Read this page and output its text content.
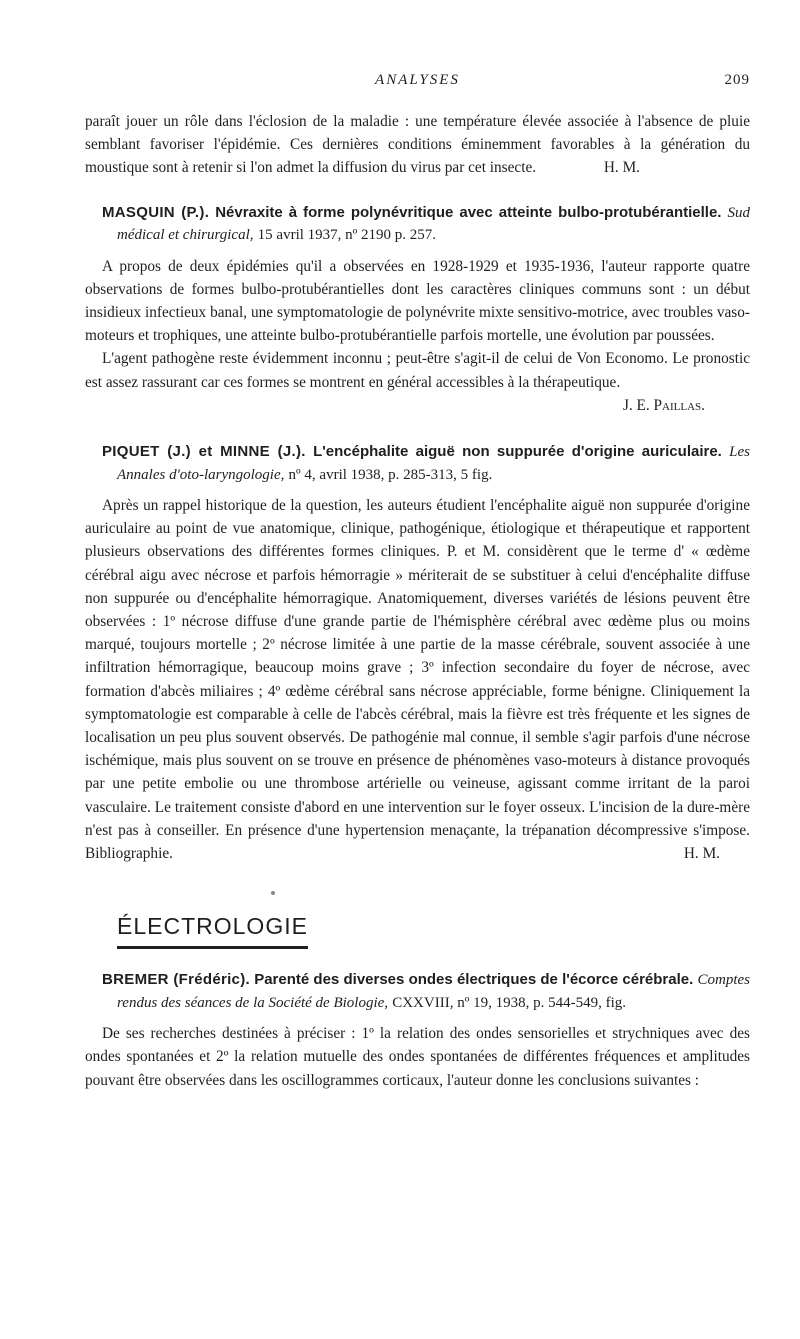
ANALYSES	209

paraît jouer un rôle dans l'éclosion de la maladie : une température élevée associée à l'absence de pluie semblant favoriser l'épidémie. Ces dernières conditions éminemment favorables à la génération du moustique sont à retenir si l'on admet la diffusion du virus par cet insecte.	H. M.

MASQUIN (P.). Névraxite à forme polynévritique avec atteinte bulbo-protubérantielle. Sud médical et chirurgical, 15 avril 1937, nº 2190 p. 257.

A propos de deux épidémies qu'il a observées en 1928-1929 et 1935-1936, l'auteur rapporte quatre observations de formes bulbo-protubérantielles dont les caractères cliniques communs sont : un début insidieux infectieux banal, une symptomatologie de polynévrite mixte sensitivo-motrice, avec troubles vaso-moteurs et trophiques, une atteinte bulbo-protubérantielle parfois mortelle, une évolution par poussées.

L'agent pathogène reste évidemment inconnu ; peut-être s'agit-il de celui de Von Economo. Le pronostic est assez rassurant car ces formes se montrent en général accessibles à la thérapeutique.
J. E. Paillas.

PIQUET (J.) et MINNE (J.). L'encéphalite aiguë non suppurée d'origine auriculaire. Les Annales d'oto-laryngologie, nº 4, avril 1938, p. 285-313, 5 fig.

Après un rappel historique de la question, les auteurs étudient l'encéphalite aiguë non suppurée d'origine auriculaire au point de vue anatomique, clinique, pathogénique, étiologique et thérapeutique et rapportent plusieurs observations des différentes formes cliniques. P. et M. considèrent que le terme d' « œdème cérébral aigu avec nécrose et parfois hémorragie » mériterait de se substituer à celui d'encéphalite diffuse non suppurée ou d'encéphalite hémorragique. Anatomiquement, diverses variétés de lésions peuvent être observées : 1º nécrose diffuse d'une grande partie de l'hémisphère cérébral avec œdème plus ou moins marqué, toujours mortelle ; 2º nécrose limitée à une partie de la masse cérébrale, souvent associée à une infiltration hémorragique, beaucoup moins grave ; 3º infection secondaire du foyer de nécrose, avec formation d'abcès miliaires ; 4º œdème cérébral sans nécrose appréciable, forme bénigne. Cliniquement la symptomatologie est comparable à celle de l'abcès cérébral, mais la fièvre est très fréquente et les signes de localisation un peu plus souvent observés. De pathogénie mal connue, il semble s'agir parfois d'une nécrose ischémique, mais plus souvent on se trouve en présence de phénomènes vaso-moteurs à distance provoqués par une petite embolie ou une thrombose artérielle ou veineuse, agissant comme irritant de la paroi vasculaire. Le traitement consiste d'abord en une intervention sur le foyer osseux. L'incision de la dure-mère n'est pas à conseiller. En présence d'une hypertension menaçante, la trépanation décompressive s'impose. Bibliographie.	H. M.

ÉLECTROLOGIE
BREMER (Frédéric). Parenté des diverses ondes électriques de l'écorce cérébrale. Comptes rendus des séances de la Société de Biologie, CXXVIII, nº 19, 1938, p. 544-549, fig.

De ses recherches destinées à préciser : 1º la relation des ondes sensorielles et strychniques avec des ondes spontanées et 2º la relation mutuelle des ondes spontanées de différentes fréquences et amplitudes pouvant être observées dans les oscillogrammes corticaux, l'auteur donne les conclusions suivantes :
